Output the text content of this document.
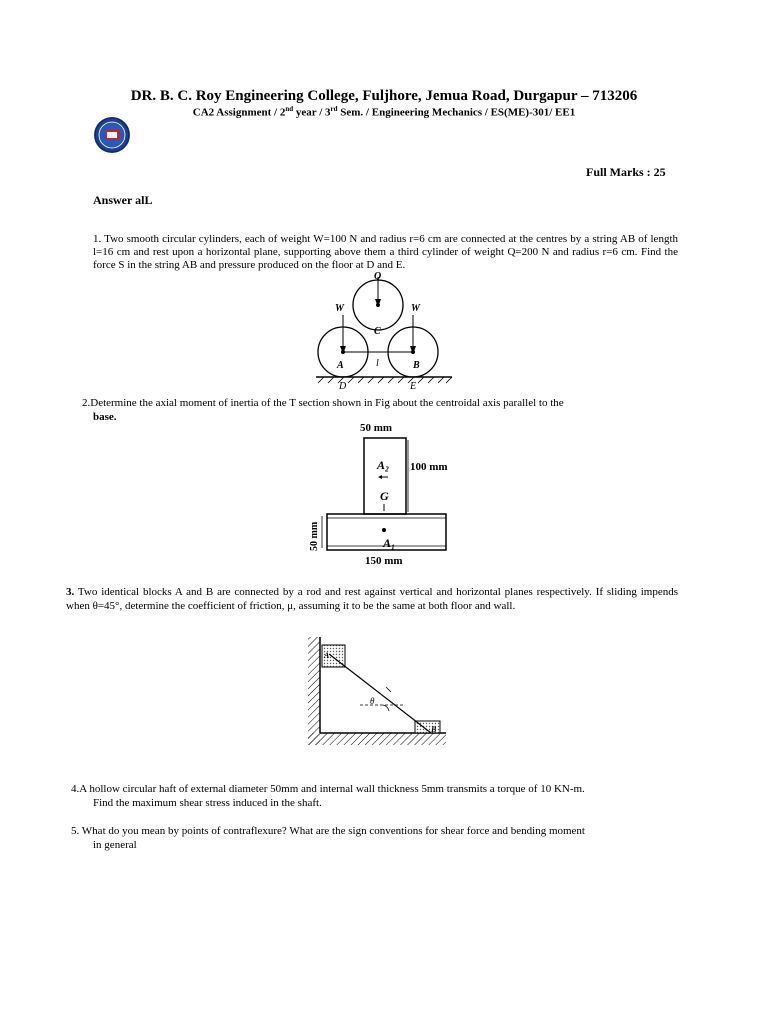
DR. B. C. Roy Engineering College, Fuljhore, Jemua Road, Durgapur – 713206
CA2 Assignment / 2nd year / 3rd Sem. / Engineering Mechanics / ES(ME)-301/ EE1
Full Marks : 25
Answer alL
1. Two smooth circular cylinders, each of weight W=100 N and radius r=6 cm are connected at the centres by a string AB of length l=16 cm and rest upon a horizontal plane, supporting above them a third cylinder of weight Q=200 N and radius r=6 cm. Find the force S in the string AB and pressure produced on the floor at D and E.
Q
W	W
C
A	B
l
D	E
2.Determine the axial moment of inertia of the T section shown in Fig about the centroidal axis parallel to the
base.
50 mm
100 mm
A₂
G
A₁
50 mm
150 mm
3. Two identical blocks A and B are connected by a rod and rest against vertical and horizontal planes respectively. If sliding impends when θ=45°, determine the coefficient of friction, μ, assuming it to be the same at both floor and wall.
A
B
θ
4.A hollow circular haft of external diameter 50mm and internal wall thickness 5mm transmits a torque of 10 KN-m.
Find the maximum shear stress induced in the shaft.
5. What do you mean by points of contraflexure? What are the sign conventions for shear force and bending moment
in general
